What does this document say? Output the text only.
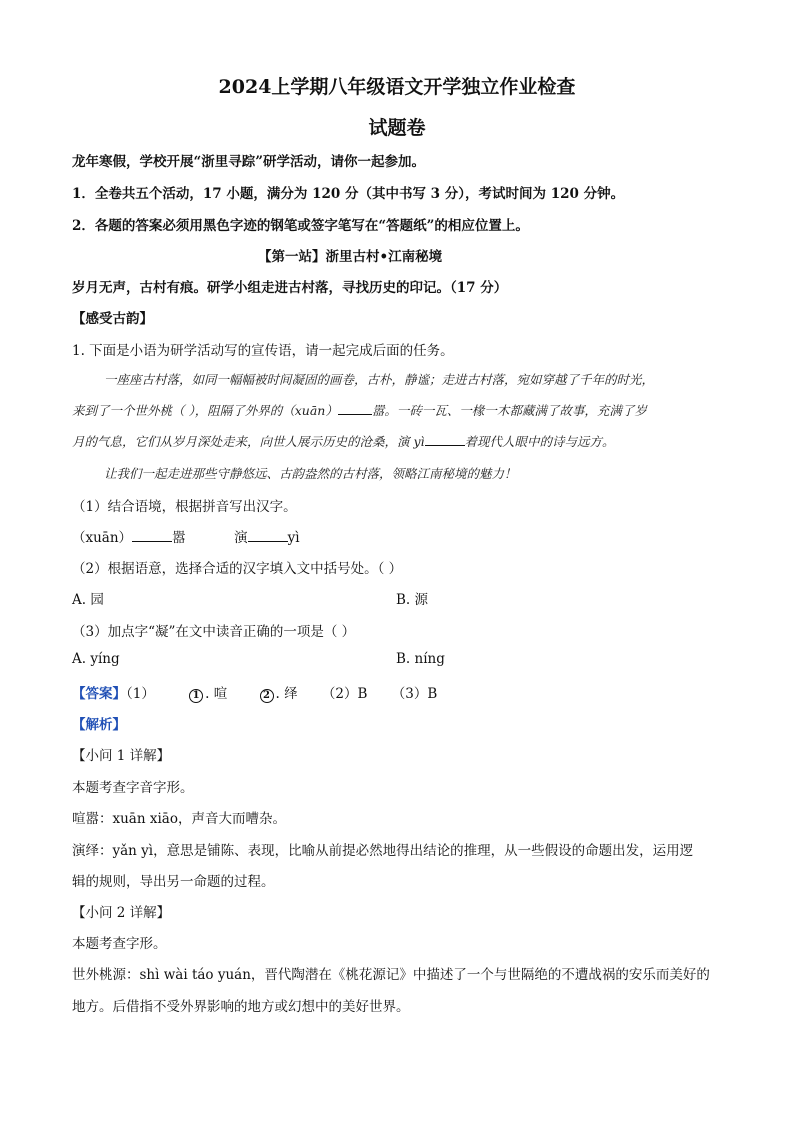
2024上学期八年级语文开学独立作业检查
试题卷
龙年寒假，学校开展“浙里寻踪”研学活动，请你一起参加。
1．全卷共五个活动，17 小题，满分为 120 分（其中书写 3 分），考试时间为 120 分钟。
2．各题的答案必须用黑色字迹的钢笔或签字笔写在“答题纸”的相应位置上。
【第一站】浙里古村•江南秘境
岁月无声，古村有痕。研学小组走进古村落，寻找历史的印记。（17 分）
【感受古韵】
1. 下面是小语为研学活动写的宣传语，请一起完成后面的任务。
一座座古村落，如同一幅幅被时间凝固的画卷，古朴，静谧；走进古村落，宛如穿越了千年的时光，
来到了一个世外桃（ ），阻隔了外界的（xuān）	嚣。一砖一瓦、一椽一木都藏满了故事，充满了岁
月的气息，它们从岁月深处走来，向世人展示历史的沧桑，演 yì	着现代人眼中的诗与远方。
让我们一起走进那些守静悠远、古韵盎然的古村落，领略江南秘境的魅力！
（1）结合语境，根据拼音写出汉字。
（xuān）	嚣	演	yì
（2）根据语意，选择合适的汉字填入文中括号处。（ ）
A. 园	B. 源
（3）加点字“凝”在文中读音正确的一项是（ ）
A. yíng	B. níng
【答案】（1）	1 . 喧	2 . 绎 （2）B （3）B
【解析】
【小问 1 详解】
本题考查字音字形。
喧嚣：xuān xiāo，声音大而嘈杂。
演绎：yǎn yì，意思是铺陈、表现，比喻从前提必然地得出结论的推理，从一些假设的命题出发，运用逻
辑的规则，导出另一命题的过程。
【小问 2 详解】
本题考查字形。
世外桃源：shì wài táo yuán，晋代陶潜在《桃花源记》中描述了一个与世隔绝的不遭战祸的安乐而美好的
地方。后借指不受外界影响的地方或幻想中的美好世界。
